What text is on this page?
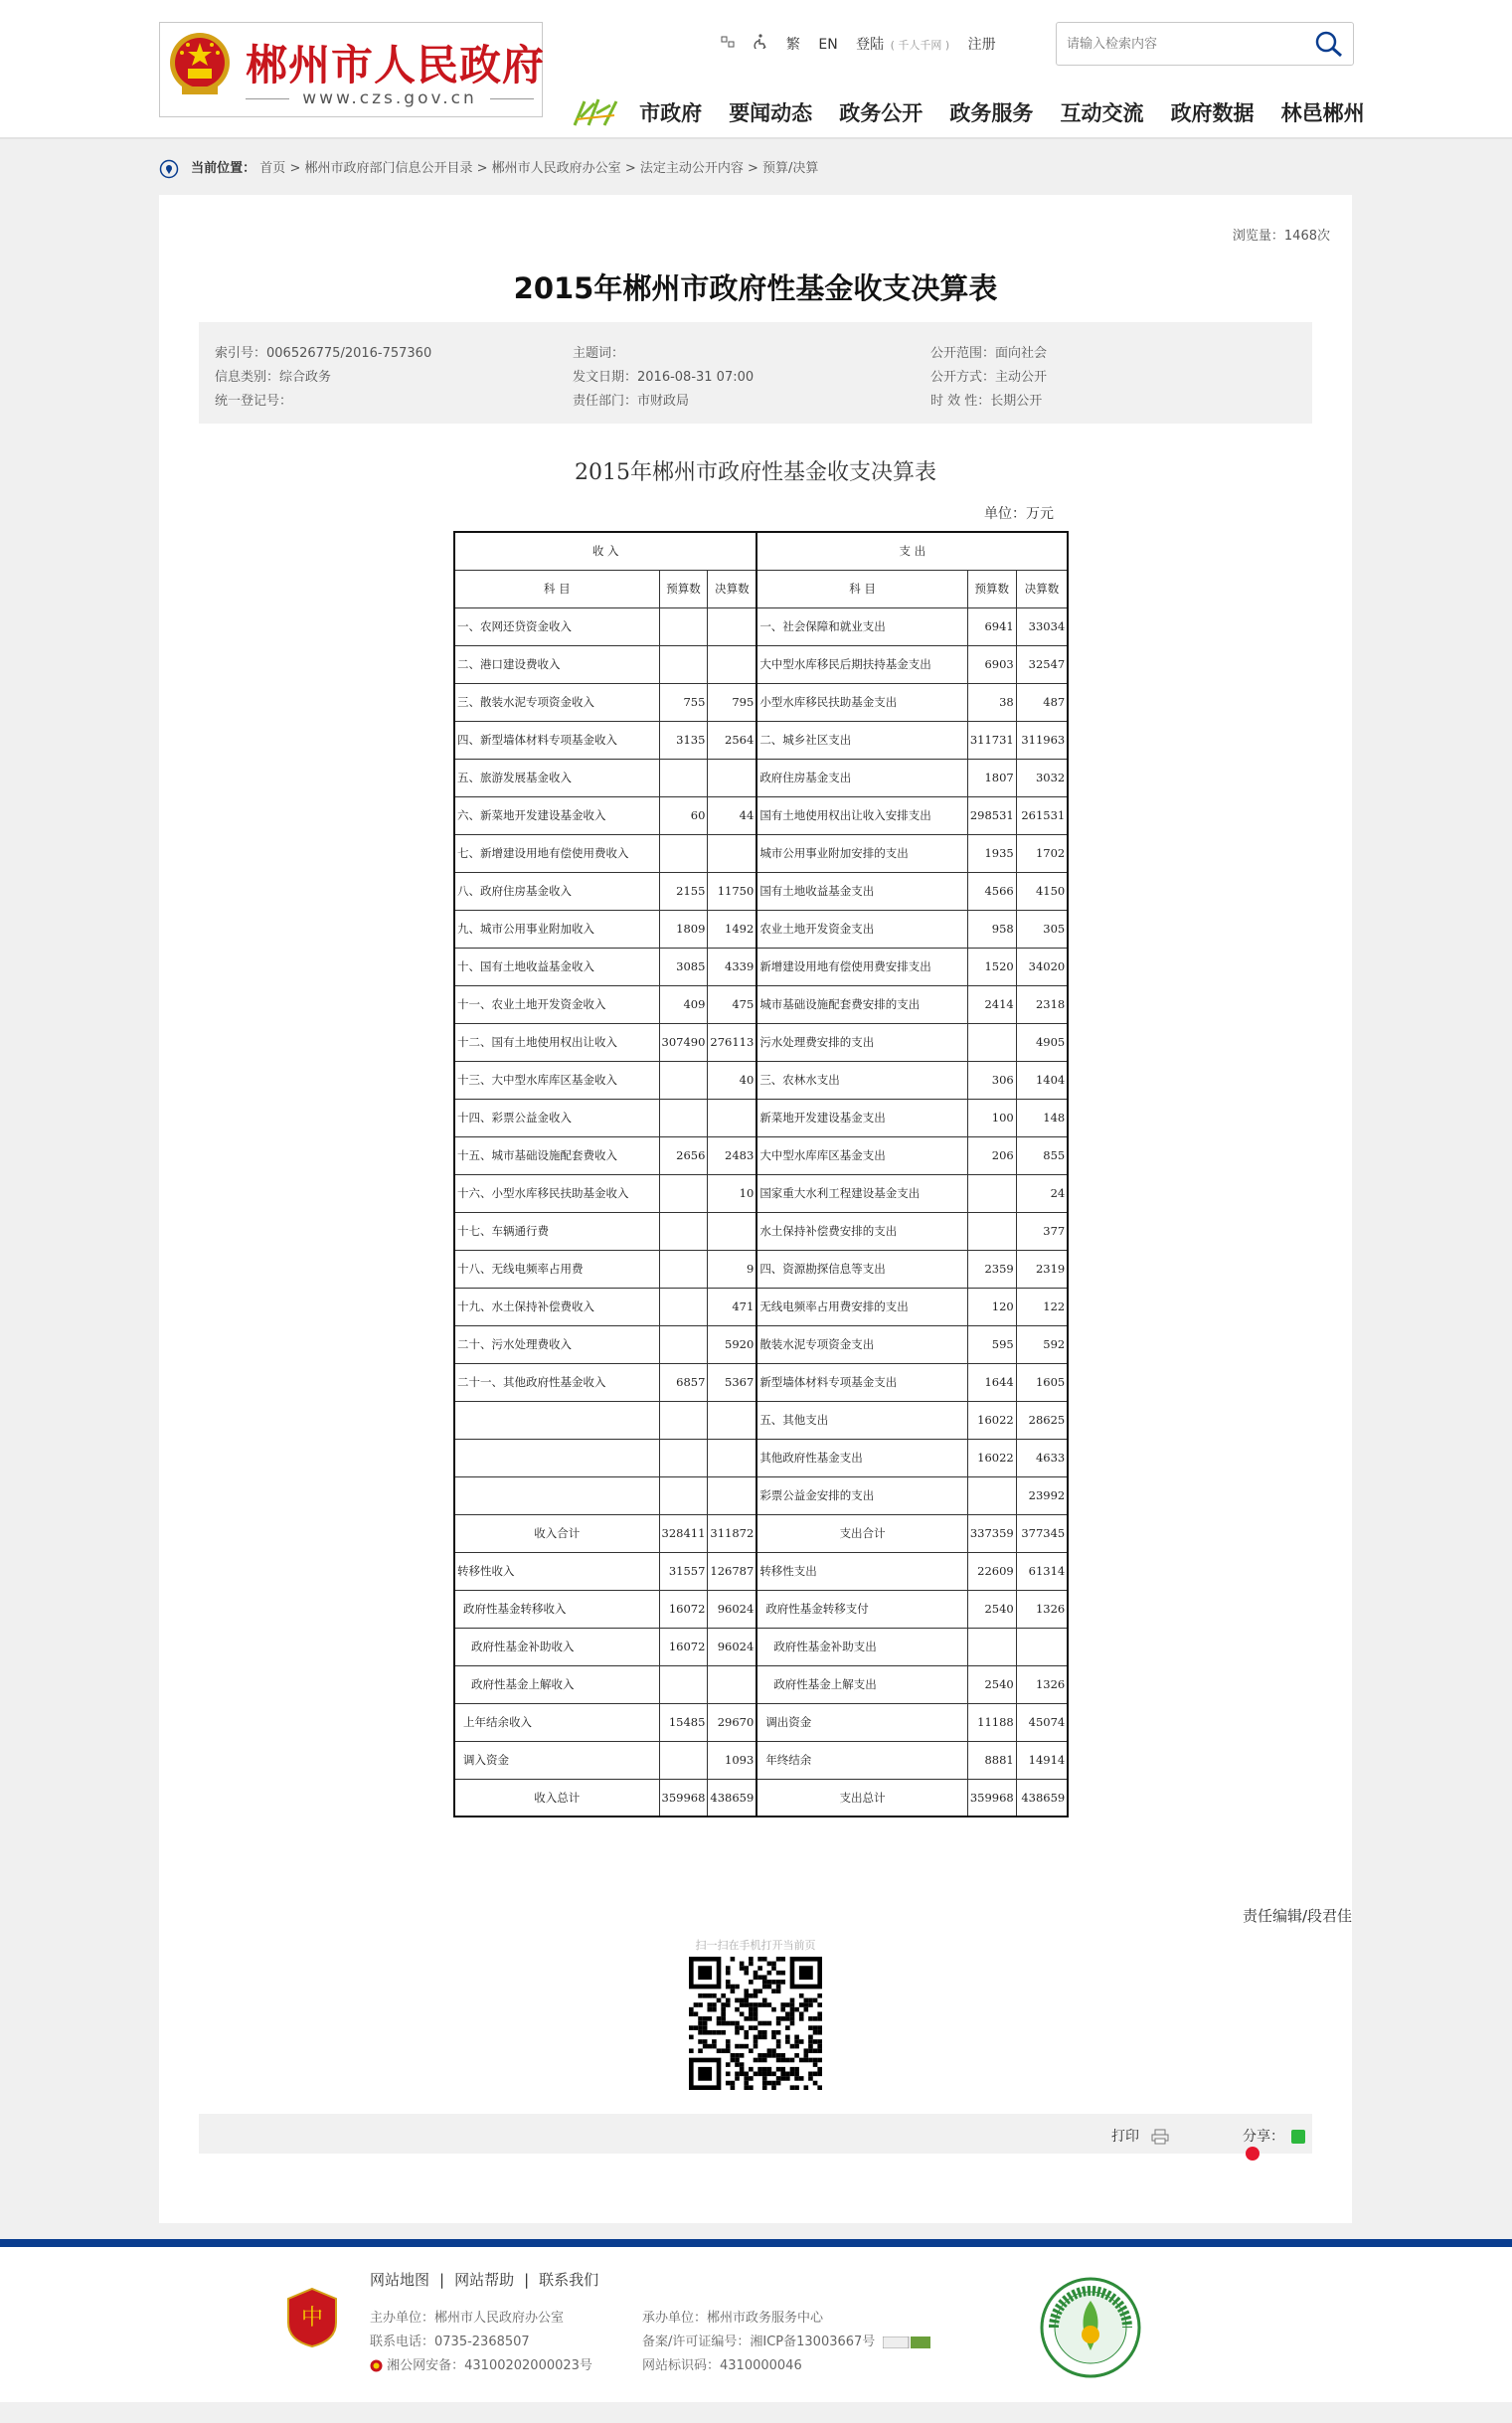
郴州市人民政府
www.czs.gov.cn
繁 EN 登陆 ( 千人千网 ) 注册
请输入检索内容
市政府 要闻动态 政务公开 政务服务 互动交流 政府数据 林邑郴州
当前位置： 首页 > 郴州市政府部门信息公开目录 > 郴州市人民政府办公室 > 法定主动公开内容 > 预算/决算
浏览量：1468次
2015年郴州市政府性基金收支决算表
索引号：006526775/2016-757360
信息类别：综合政务
统一登记号：
主题词：
发文日期：2016-08-31 07:00
责任部门：市财政局
公开范围：面向社会
公开方式：主动公开
时 效 性：长期公开
2015年郴州市政府性基金收支决算表
单位：万元
收 入			支 出		
科 目	预算数	决算数	科 目	预算数	决算数
一、农网还贷资金收入			一、社会保障和就业支出	6941	33034
二、港口建设费收入			大中型水库移民后期扶持基金支出	6903	32547
三、散装水泥专项资金收入	755	795	小型水库移民扶助基金支出	38	487
四、新型墙体材料专项基金收入	3135	2564	二、城乡社区支出	311731	311963
五、旅游发展基金收入			政府住房基金支出	1807	3032
六、新菜地开发建设基金收入	60	44	国有土地使用权出让收入安排支出	298531	261531
七、新增建设用地有偿使用费收入			城市公用事业附加安排的支出	1935	1702
八、政府住房基金收入	2155	11750	国有土地收益基金支出	4566	4150
九、城市公用事业附加收入	1809	1492	农业土地开发资金支出	958	305
十、国有土地收益基金收入	3085	4339	新增建设用地有偿使用费安排支出	1520	34020
十一、农业土地开发资金收入	409	475	城市基础设施配套费安排的支出	2414	2318
十二、国有土地使用权出让收入	307490	276113	污水处理费安排的支出		4905
十三、大中型水库库区基金收入		40	三、农林水支出	306	1404
十四、彩票公益金收入			新菜地开发建设基金支出	100	148
十五、城市基础设施配套费收入	2656	2483	大中型水库库区基金支出	206	855
十六、小型水库移民扶助基金收入		10	国家重大水利工程建设基金支出		24
十七、车辆通行费			水土保持补偿费安排的支出		377
十八、无线电频率占用费		9	四、资源勘探信息等支出	2359	2319
十九、水土保持补偿费收入		471	无线电频率占用费安排的支出	120	122
二十、污水处理费收入		5920	散装水泥专项资金支出	595	592
二十一、其他政府性基金收入	6857	5367	新型墙体材料专项基金支出	1644	1605
			五、其他支出	16022	28625
			其他政府性基金支出	16022	4633
			彩票公益金安排的支出		23992
收入合计	328411	311872	支出合计	337359	377345
转移性收入	31557	126787	转移性支出	22609	61314
政府性基金转移收入	16072	96024	政府性基金转移支付	2540	1326
政府性基金补助收入	16072	96024	政府性基金补助支出		
政府性基金上解收入			政府性基金上解支出	2540	1326
上年结余收入	15485	29670	调出资金	11188	45074
调入资金		1093	年终结余	8881	14914
收入总计	359968	438659	支出总计	359968	438659
责任编辑/段君佳
扫一扫在手机打开当前页
打印	分享：
中
网站地图 | 网站帮助 | 联系我们
主办单位：郴州市人民政府办公室
联系电话：0735-2368507
湘公网安备：43100202000023号
承办单位：郴州市政务服务中心
备案/许可证编号：湘ICP备13003667号
网站标识码：4310000046
